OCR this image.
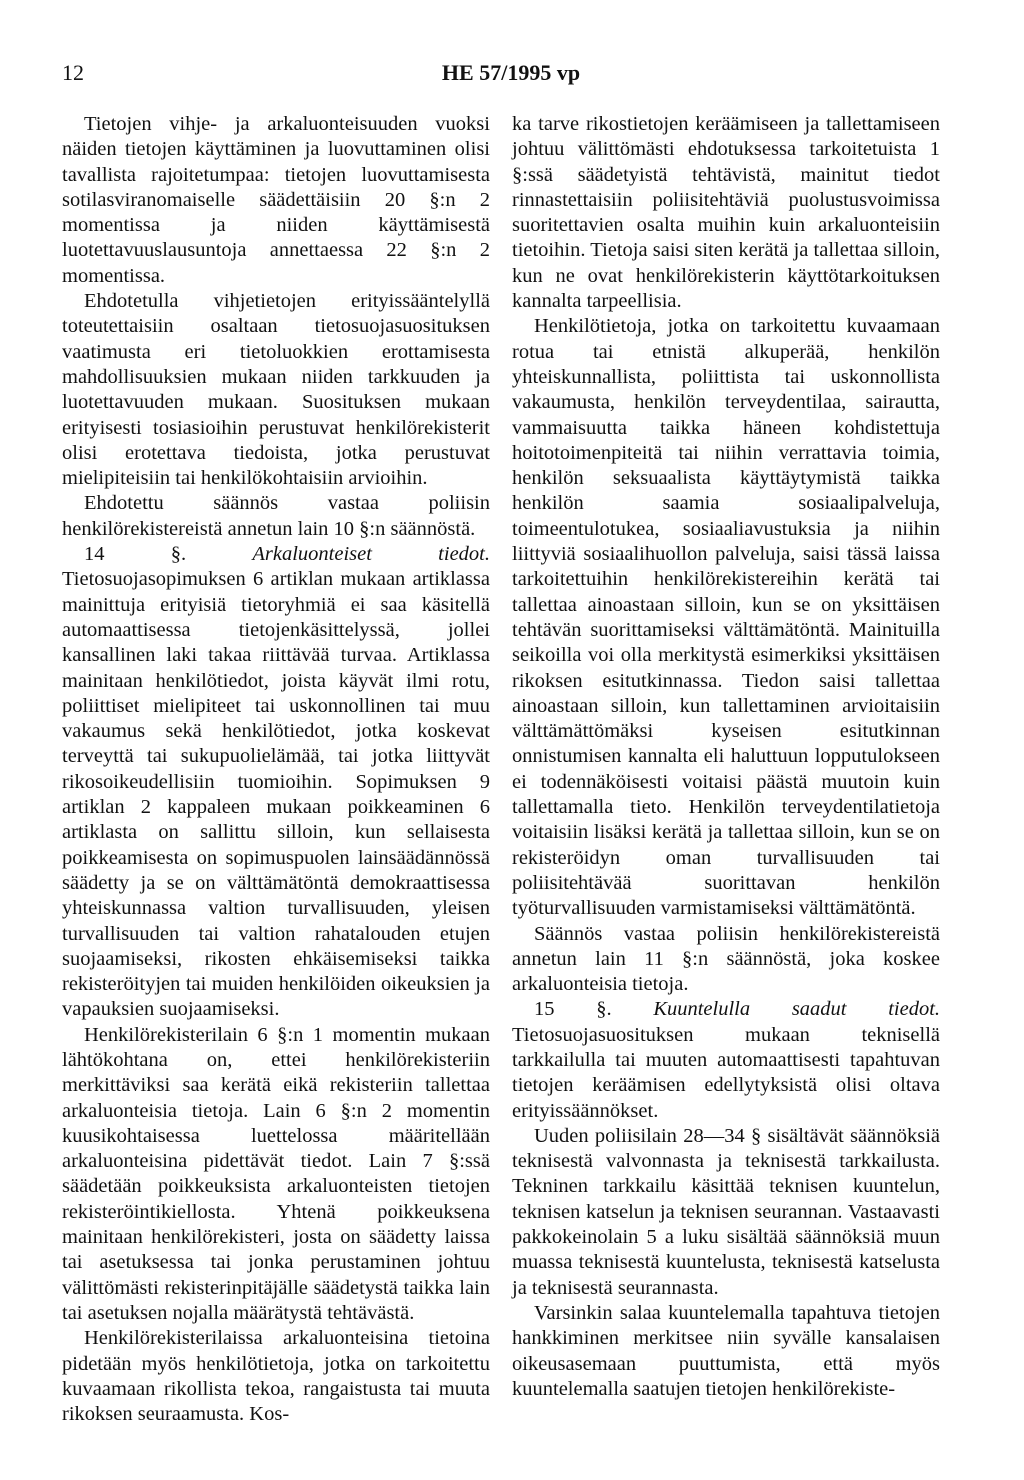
12	HE 57/1995 vp

Tietojen vihje- ja arkaluonteisuuden vuoksi näiden tietojen käyttäminen ja luovuttaminen olisi tavallista rajoitetumpaa: tietojen luovuttamisesta sotilasviranomaiselle säädettäisiin 20 §:n 2 momentissa ja niiden käyttämisestä luotettavuuslausuntoja annettaessa 22 §:n 2 momentissa.

Ehdotetulla vihjetietojen erityissääntelyllä toteutettaisiin osaltaan tietosuojasuosituksen vaatimusta eri tietoluokkien erottamisesta mahdollisuuksien mukaan niiden tarkkuuden ja luotettavuuden mukaan. Suosituksen mukaan erityisesti tosiasioihin perustuvat henkilörekisterit olisi erotettava tiedoista, jotka perustuvat mielipiteisiin tai henkilökohtaisiin arvioihin.

Ehdotettu säännös vastaa poliisin henkilörekistereistä annetun lain 10 §:n säännöstä.

14 §.	Arkaluonteiset tiedot. Tietosuojasopimuksen 6 artiklan mukaan artiklassa mainittuja erityisiä tietoryhmiä ei saa käsitellä automaattisessa tietojenkäsittelyssä, jollei kansallinen laki takaa riittävää turvaa. Artiklassa mainitaan henkilötiedot, joista käyvät ilmi rotu, poliittiset mielipiteet tai uskonnollinen tai muu vakaumus sekä henkilötiedot, jotka koskevat terveyttä tai sukupuolielämää, tai jotka liittyvät rikosoikeudellisiin tuomioihin. Sopimuksen 9 artiklan 2 kappaleen mukaan poikkeaminen 6 artiklasta on sallittu silloin, kun sellaisesta poikkeamisesta on sopimuspuolen lainsäädännössä säädetty ja se on välttämätöntä demokraattisessa yhteiskunnassa valtion turvallisuuden, yleisen turvallisuuden tai valtion rahatalouden etujen suojaamiseksi, rikosten ehkäisemiseksi taikka rekisteröityjen tai muiden henkilöiden oikeuksien ja vapauksien suojaamiseksi.

Henkilörekisterilain 6 §:n 1 momentin mukaan lähtökohtana on, ettei henkilörekisteriin merkittäviksi saa kerätä eikä rekisteriin tallettaa arkaluonteisia tietoja. Lain 6 §:n 2 momentin kuusikohtaisessa luettelossa määritellään arkaluonteisina pidettävät tiedot. Lain 7 §:ssä säädetään poikkeuksista arkaluonteisten tietojen rekisteröintikiellosta. Yhtenä poikkeuksena mainitaan henkilörekisteri, josta on säädetty laissa tai asetuksessa tai jonka perustaminen johtuu välittömästi rekisterinpitäjälle säädetystä taikka lain tai asetuksen nojalla määrätystä tehtävästä.

Henkilörekisterilaissa arkaluonteisina tietoina pidetään myös henkilötietoja, jotka on tarkoitettu kuvaamaan rikollista tekoa, rangaistusta tai muuta rikoksen seuraamusta. Kos-

ka tarve rikostietojen keräämiseen ja tallettamiseen johtuu välittömästi ehdotuksessa tarkoitetuista 1 §:ssä säädetyistä tehtävistä, mainitut tiedot rinnastettaisiin poliisitehtäviä puolustusvoimissa suoritettavien osalta muihin kuin arkaluonteisiin tietoihin. Tietoja saisi siten kerätä ja tallettaa silloin, kun ne ovat henkilörekisterin käyttötarkoituksen kannalta tarpeellisia.

Henkilötietoja, jotka on tarkoitettu kuvaamaan rotua tai etnistä alkuperää, henkilön yhteiskunnallista, poliittista tai uskonnollista vakaumusta, henkilön terveydentilaa, sairautta, vammaisuutta taikka häneen kohdistettuja hoitotoimenpiteitä tai niihin verrattavia toimia, henkilön seksuaalista käyttäytymistä taikka henkilön saamia sosiaalipalveluja, toimeentulotukea, sosiaaliavustuksia ja niihin liittyviä sosiaalihuollon palveluja, saisi tässä laissa tarkoitettuihin henkilörekistereihin kerätä tai tallettaa ainoastaan silloin, kun se on yksittäisen tehtävän suorittamiseksi välttämätöntä. Mainituilla seikoilla voi olla merkitystä esimerkiksi yksittäisen rikoksen esitutkinnassa. Tiedon saisi tallettaa ainoastaan silloin, kun tallettaminen arvioitaisiin välttämättömäksi kyseisen esitutkinnan onnistumisen kannalta eli haluttuun lopputulokseen ei todennäköisesti voitaisi päästä muutoin kuin tallettamalla tieto. Henkilön terveydentilatietoja voitaisiin lisäksi kerätä ja tallettaa silloin, kun se on rekisteröidyn oman turvallisuuden tai poliisitehtävää suorittavan henkilön työturvallisuuden varmistamiseksi välttämätöntä.

Säännös vastaa poliisin henkilörekistereistä annetun lain 11 §:n säännöstä, joka koskee arkaluonteisia tietoja.

15 §. Kuuntelulla saadut tiedot. Tietosuojasuosituksen mukaan teknisellä tarkkailulla tai muuten automaattisesti tapahtuvan tietojen keräämisen edellytyksistä olisi oltava erityissäännökset.

Uuden poliisilain 28—34 § sisältävät säännöksiä teknisestä valvonnasta ja teknisestä tarkkailusta. Tekninen tarkkailu käsittää teknisen kuuntelun, teknisen katselun ja teknisen seurannan. Vastaavasti pakkokeinolain 5 a luku sisältää säännöksiä muun muassa teknisestä kuuntelusta, teknisestä katselusta ja teknisestä seurannasta.

Varsinkin salaa kuuntelemalla tapahtuva tietojen hankkiminen merkitsee niin syvälle kansalaisen oikeusasemaan puuttumista, että myös kuuntelemalla saatujen tietojen henkilörekiste-
